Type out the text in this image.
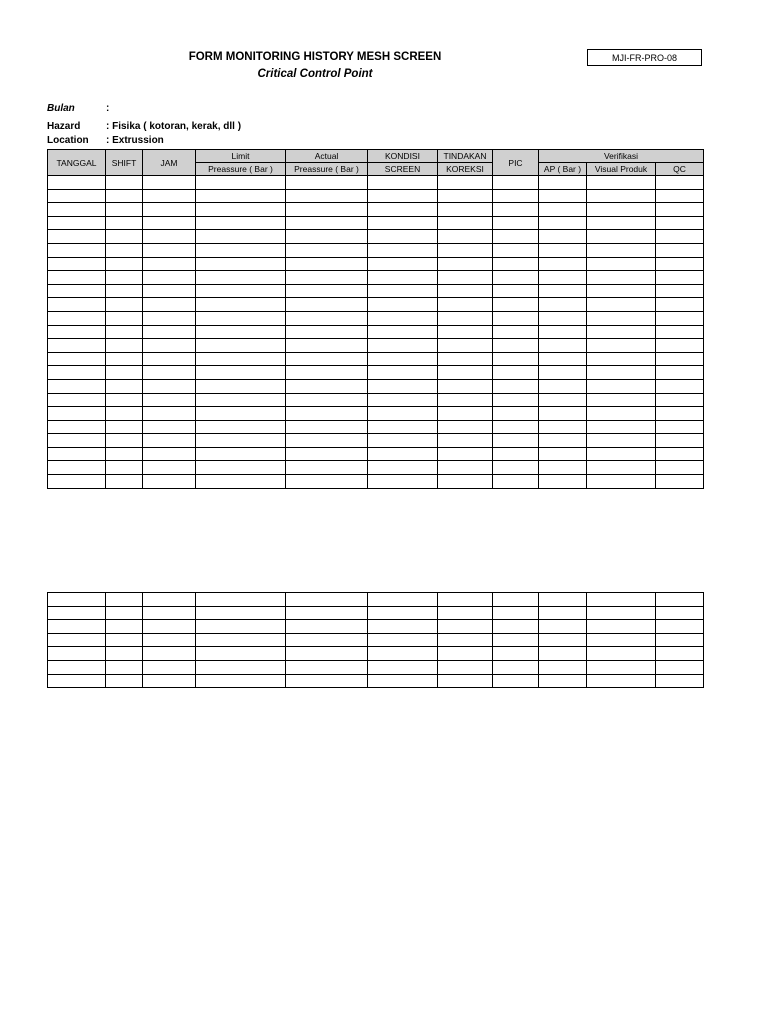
FORM MONITORING HISTORY MESH SCREEN
Critical Control Point
MJI-FR-PRO-08
Bulan	:
Hazard	: Fisika ( kotoran, kerak, dll )
Location : Extrussion
TANGGAL	SHIFT	JAM	Limit	Actual	KONDISI	TINDAKAN	PIC	Verifikasi		
			Preassure ( Bar )	Preassure ( Bar )	SCREEN	KOREKSI		AP ( Bar )	Visual Produk	QC
